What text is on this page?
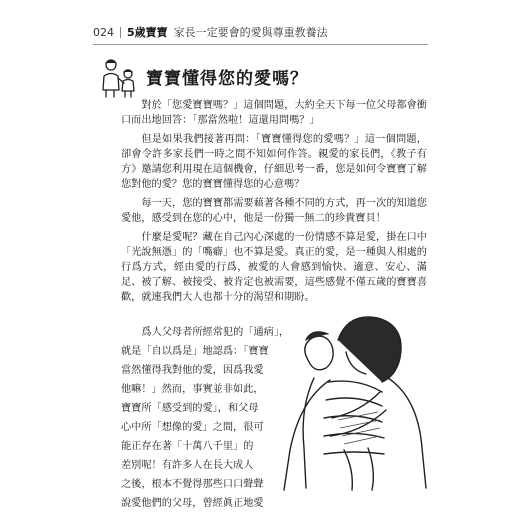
024 5歲寶寶 家長一定要會的愛與尊重教養法
寶寶懂得您的愛嗎？

對於「您愛寶寶嗎？」這個問題，大約全天下每一位父母都會衝口而出地回答：「那當然啦！這還用問嗎？」

但是如果我們接著再問：「寶寶懂得您的愛嗎？」這一個問題，卻會令許多家長們一時之間不知如何作答。親愛的家長們，《教子有方》邀請您利用現在這個機會，仔細思考一番，您是如何令寶寶了解您對他的愛？您的寶寶懂得您的心意嗎？

每一天，您的寶寶都需要藉著各種不同的方式，再一次的知道您愛他，感受到在您的心中，他是一份獨一無二的珍貴寶貝！

什麼是愛呢？藏在自己內心深處的一份情感不算是愛，掛在口中「光說無憑」的「嘴癖」也不算是愛。真正的愛，是一種與人相處的行爲方式，經由愛的行爲，被愛的人會感到愉快、適意、安心、滿足、被了解、被接受、被肯定也被需要，這些感覺不僅五歲的寶寶喜歡，就連我們大人也都十分的渴望和期盼。

爲人父母者所經常犯的「通病」，
就是「自以爲是」地認爲：「寶寶
當然懂得我對他的愛，因爲我愛
他嘛！」然而，事實並非如此，
寶寶所「感受到的愛」，和父母
心中所「想像的愛」之間，很可
能正存在著「十萬八千里」的
差別呢！有許多人在長大成人
之後，根本不覺得那些口口聲聲
說愛他們的父母，曾經眞正地愛
